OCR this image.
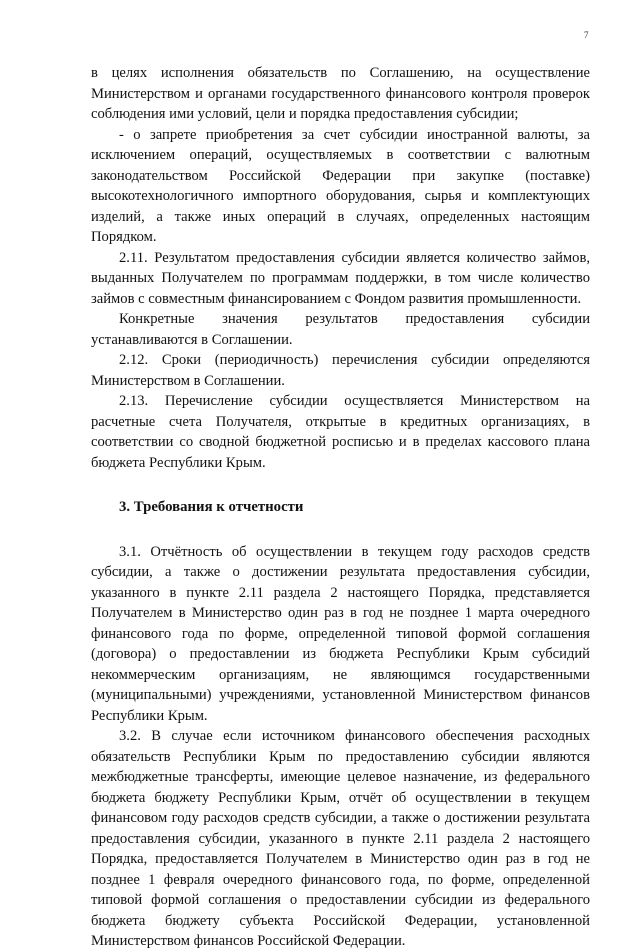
7

в целях исполнения обязательств по Соглашению, на осуществление Министерством и органами государственного финансового контроля проверок соблюдения ими условий, цели и порядка предоставления субсидии;

- о запрете приобретения за счет субсидии иностранной валюты, за исключением операций, осуществляемых в соответствии с валютным законодательством Российской Федерации при закупке (поставке) высокотехнологичного импортного оборудования, сырья и комплектующих изделий, а также иных операций в случаях, определенных настоящим Порядком.

2.11. Результатом предоставления субсидии является количество займов, выданных Получателем по программам поддержки, в том числе количество займов с совместным финансированием с Фондом развития промышленности.

Конкретные значения результатов предоставления субсидии устанавливаются в Соглашении.

2.12. Сроки (периодичность) перечисления субсидии определяются Министерством в Соглашении.

2.13. Перечисление субсидии осуществляется Министерством на расчетные счета Получателя, открытые в кредитных организациях, в соответствии со сводной бюджетной росписью и в пределах кассового плана бюджета Республики Крым.

3. Требования к отчетности

3.1. Отчётность об осуществлении в текущем году расходов средств субсидии, а также о достижении результата предоставления субсидии, указанного в пункте 2.11 раздела 2 настоящего Порядка, представляется Получателем в Министерство один раз в год не позднее 1 марта очередного финансового года по форме, определенной типовой формой соглашения (договора) о предоставлении из бюджета Республики Крым субсидий некоммерческим организациям, не являющимся государственными (муниципальными) учреждениями, установленной Министерством финансов Республики Крым.

3.2. В случае если источником финансового обеспечения расходных обязательств Республики Крым по предоставлению субсидии являются межбюджетные трансферты, имеющие целевое назначение, из федерального бюджета бюджету Республики Крым, отчёт об осуществлении в текущем финансовом году расходов средств субсидии, а также о достижении результата предоставления субсидии, указанного в пункте 2.11 раздела 2 настоящего Порядка, предоставляется Получателем в Министерство один раз в год не позднее 1 февраля очередного финансового года, по форме, определенной типовой формой соглашения о предоставлении субсидии из федерального бюджета бюджету субъекта Российской Федерации, установленной Министерством финансов Российской Федерации.
